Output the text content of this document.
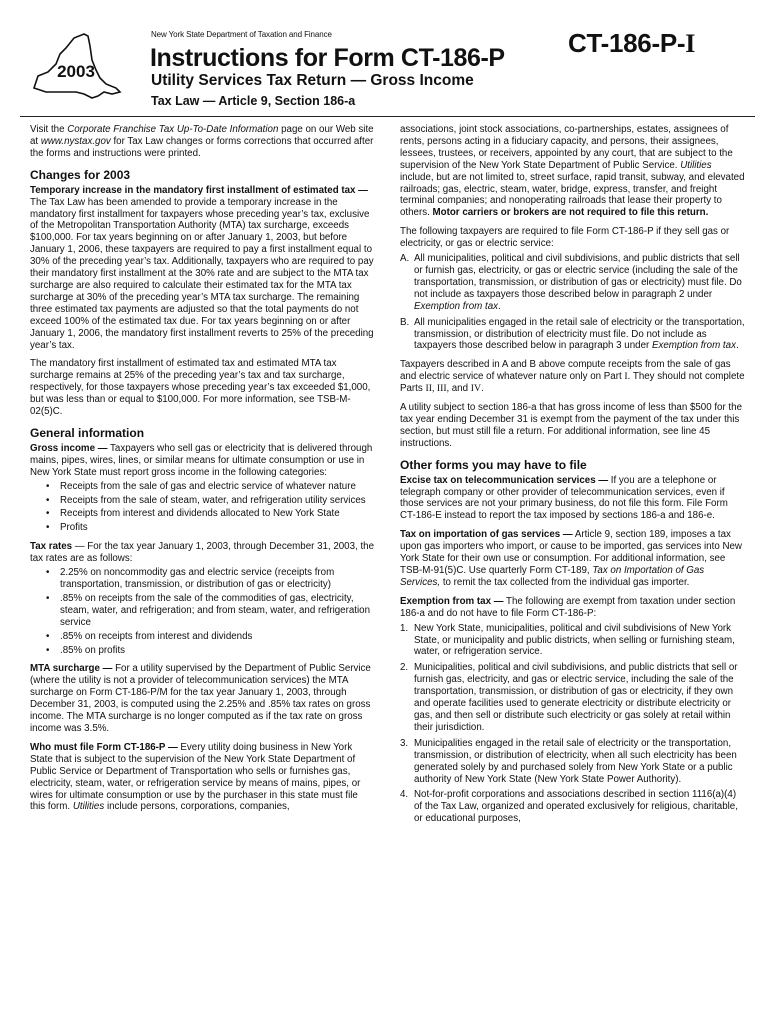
2003
New York State Department of Taxation and Finance
Instructions for Form CT-186-P CT-186-P-I
Utility Services Tax Return — Gross Income
Tax Law — Article 9, Section 186-a

Visit the Corporate Franchise Tax Up-To-Date Information page on our Web site at www.nystax.gov for Tax Law changes or forms corrections that occurred after the forms and instructions were printed.

Changes for 2003

Temporary increase in the mandatory first installment of estimated tax — The Tax Law has been amended to provide a temporary increase in the mandatory first installment for taxpayers whose preceding year’s tax, exclusive of the Metropolitan Transportation Authority (MTA) tax surcharge, exceeds $100,000. For tax years beginning on or after January 1, 2003, but before January 1, 2006, these taxpayers are required to pay a first installment equal to 30% of the preceding year’s tax. Additionally, taxpayers who are required to pay their mandatory first installment at the 30% rate and are subject to the MTA tax surcharge are also required to calculate their estimated tax for the MTA tax surcharge at 30% of the preceding year’s MTA tax surcharge. The remaining three estimated tax payments are adjusted so that the total payments do not exceed 100% of the estimated tax due. For tax years beginning on or after January 1, 2006, the mandatory first installment reverts to 25% of the preceding year’s tax.

The mandatory first installment of estimated tax and estimated MTA tax surcharge remains at 25% of the preceding year’s tax and tax surcharge, respectively, for those taxpayers whose preceding year’s tax exceeded $1,000, but was less than or equal to $100,000. For more information, see TSB-M-02(5)C.

General information

Gross income — Taxpayers who sell gas or electricity that is delivered through mains, pipes, wires, lines, or similar means for ultimate consumption or use in New York State must report gross income in the following categories:

• Receipts from the sale of gas and electric service of whatever nature
• Receipts from the sale of steam, water, and refrigeration utility services
• Receipts from interest and dividends allocated to New York State
• Profits

Tax rates — For the tax year January 1, 2003, through December 31, 2003, the tax rates are as follows:

• 2.25% on noncommodity gas and electric service (receipts from transportation, transmission, or distribution of gas or electricity)
• .85% on receipts from the sale of the commodities of gas, electricity, steam, water, and refrigeration; and from steam, water, and refrigeration service
• .85% on receipts from interest and dividends
• .85% on profits

MTA surcharge — For a utility supervised by the Department of Public Service (where the utility is not a provider of telecommunication services) the MTA surcharge on Form CT-186-P/M for the tax year January 1, 2003, through December 31, 2003, is computed using the 2.25% and .85% tax rates on gross income. The MTA surcharge is no longer computed as if the tax rate on gross income was 3.5%.

Who must file Form CT-186-P — Every utility doing business in New York State that is subject to the supervision of the New York State Department of Public Service or Department of Transportation who sells or furnishes gas, electricity, steam, water, or refrigeration service by means of mains, pipes, or wires for ultimate consumption or use by the purchaser in this state must file this form. Utilities include persons, corporations, companies,

associations, joint stock associations, co-partnerships, estates, assignees of rents, persons acting in a fiduciary capacity, and persons, their assignees, lessees, trustees, or receivers, appointed by any court, that are subject to the supervision of the New York State Department of Public Service. Utilities include, but are not limited to, street surface, rapid transit, subway, and elevated railroads; gas, electric, steam, water, bridge, express, transfer, and freight terminal companies; and nonoperating railroads that lease their property to others. Motor carriers or brokers are not required to file this return.

The following taxpayers are required to file Form CT-186-P if they sell gas or electricity, or gas or electric service:

A. All municipalities, political and civil subdivisions, and public districts that sell or furnish gas, electricity, or gas or electric service (including the sale of the transportation, transmission, or distribution of gas or electricity) must file. Do not include as taxpayers those described below in paragraph 2 under Exemption from tax.
B. All municipalities engaged in the retail sale of electricity or the transportation, transmission, or distribution of electricity must file. Do not include as taxpayers those described below in paragraph 3 under Exemption from tax.

Taxpayers described in A and B above compute receipts from the sale of gas and electric service of whatever nature only on Part I. They should not complete Parts II, III, and IV.

A utility subject to section 186-a that has gross income of less than $500 for the tax year ending December 31 is exempt from the payment of the tax under this section, but must still file a return. For additional information, see line 45 instructions.

Other forms you may have to file

Excise tax on telecommunication services — If you are a telephone or telegraph company or other provider of telecommunication services, even if those services are not your primary business, do not file this form. File Form CT-186-E instead to report the tax imposed by sections 186-a and 186-e.

Tax on importation of gas services — Article 9, section 189, imposes a tax upon gas importers who import, or cause to be imported, gas services into New York State for their own use or consumption. For additional information, see TSB-M-91(5)C. Use quarterly Form CT-189, Tax on Importation of Gas Services, to remit the tax collected from the individual gas importer.

Exemption from tax — The following are exempt from taxation under section 186-a and do not have to file Form CT-186-P:

1. New York State, municipalities, political and civil subdivisions of New York State, or municipality and public districts, when selling or furnishing steam, water, or refrigeration service.
2. Municipalities, political and civil subdivisions, and public districts that sell or furnish gas, electricity, and gas or electric service, including the sale of the transportation, transmission, or distribution of gas or electricity, if they own and operate facilities used to generate electricity or distribute electricity or gas, and then sell or distribute such electricity or gas solely at retail within their jurisdiction.
3. Municipalities engaged in the retail sale of electricity or the transportation, transmission, or distribution of electricity, when all such electricity has been generated solely by and purchased solely from New York State or a public authority of New York State (New York State Power Authority).
4. Not-for-profit corporations and associations described in section 1116(a)(4) of the Tax Law, organized and operated exclusively for religious, charitable, or educational purposes,
